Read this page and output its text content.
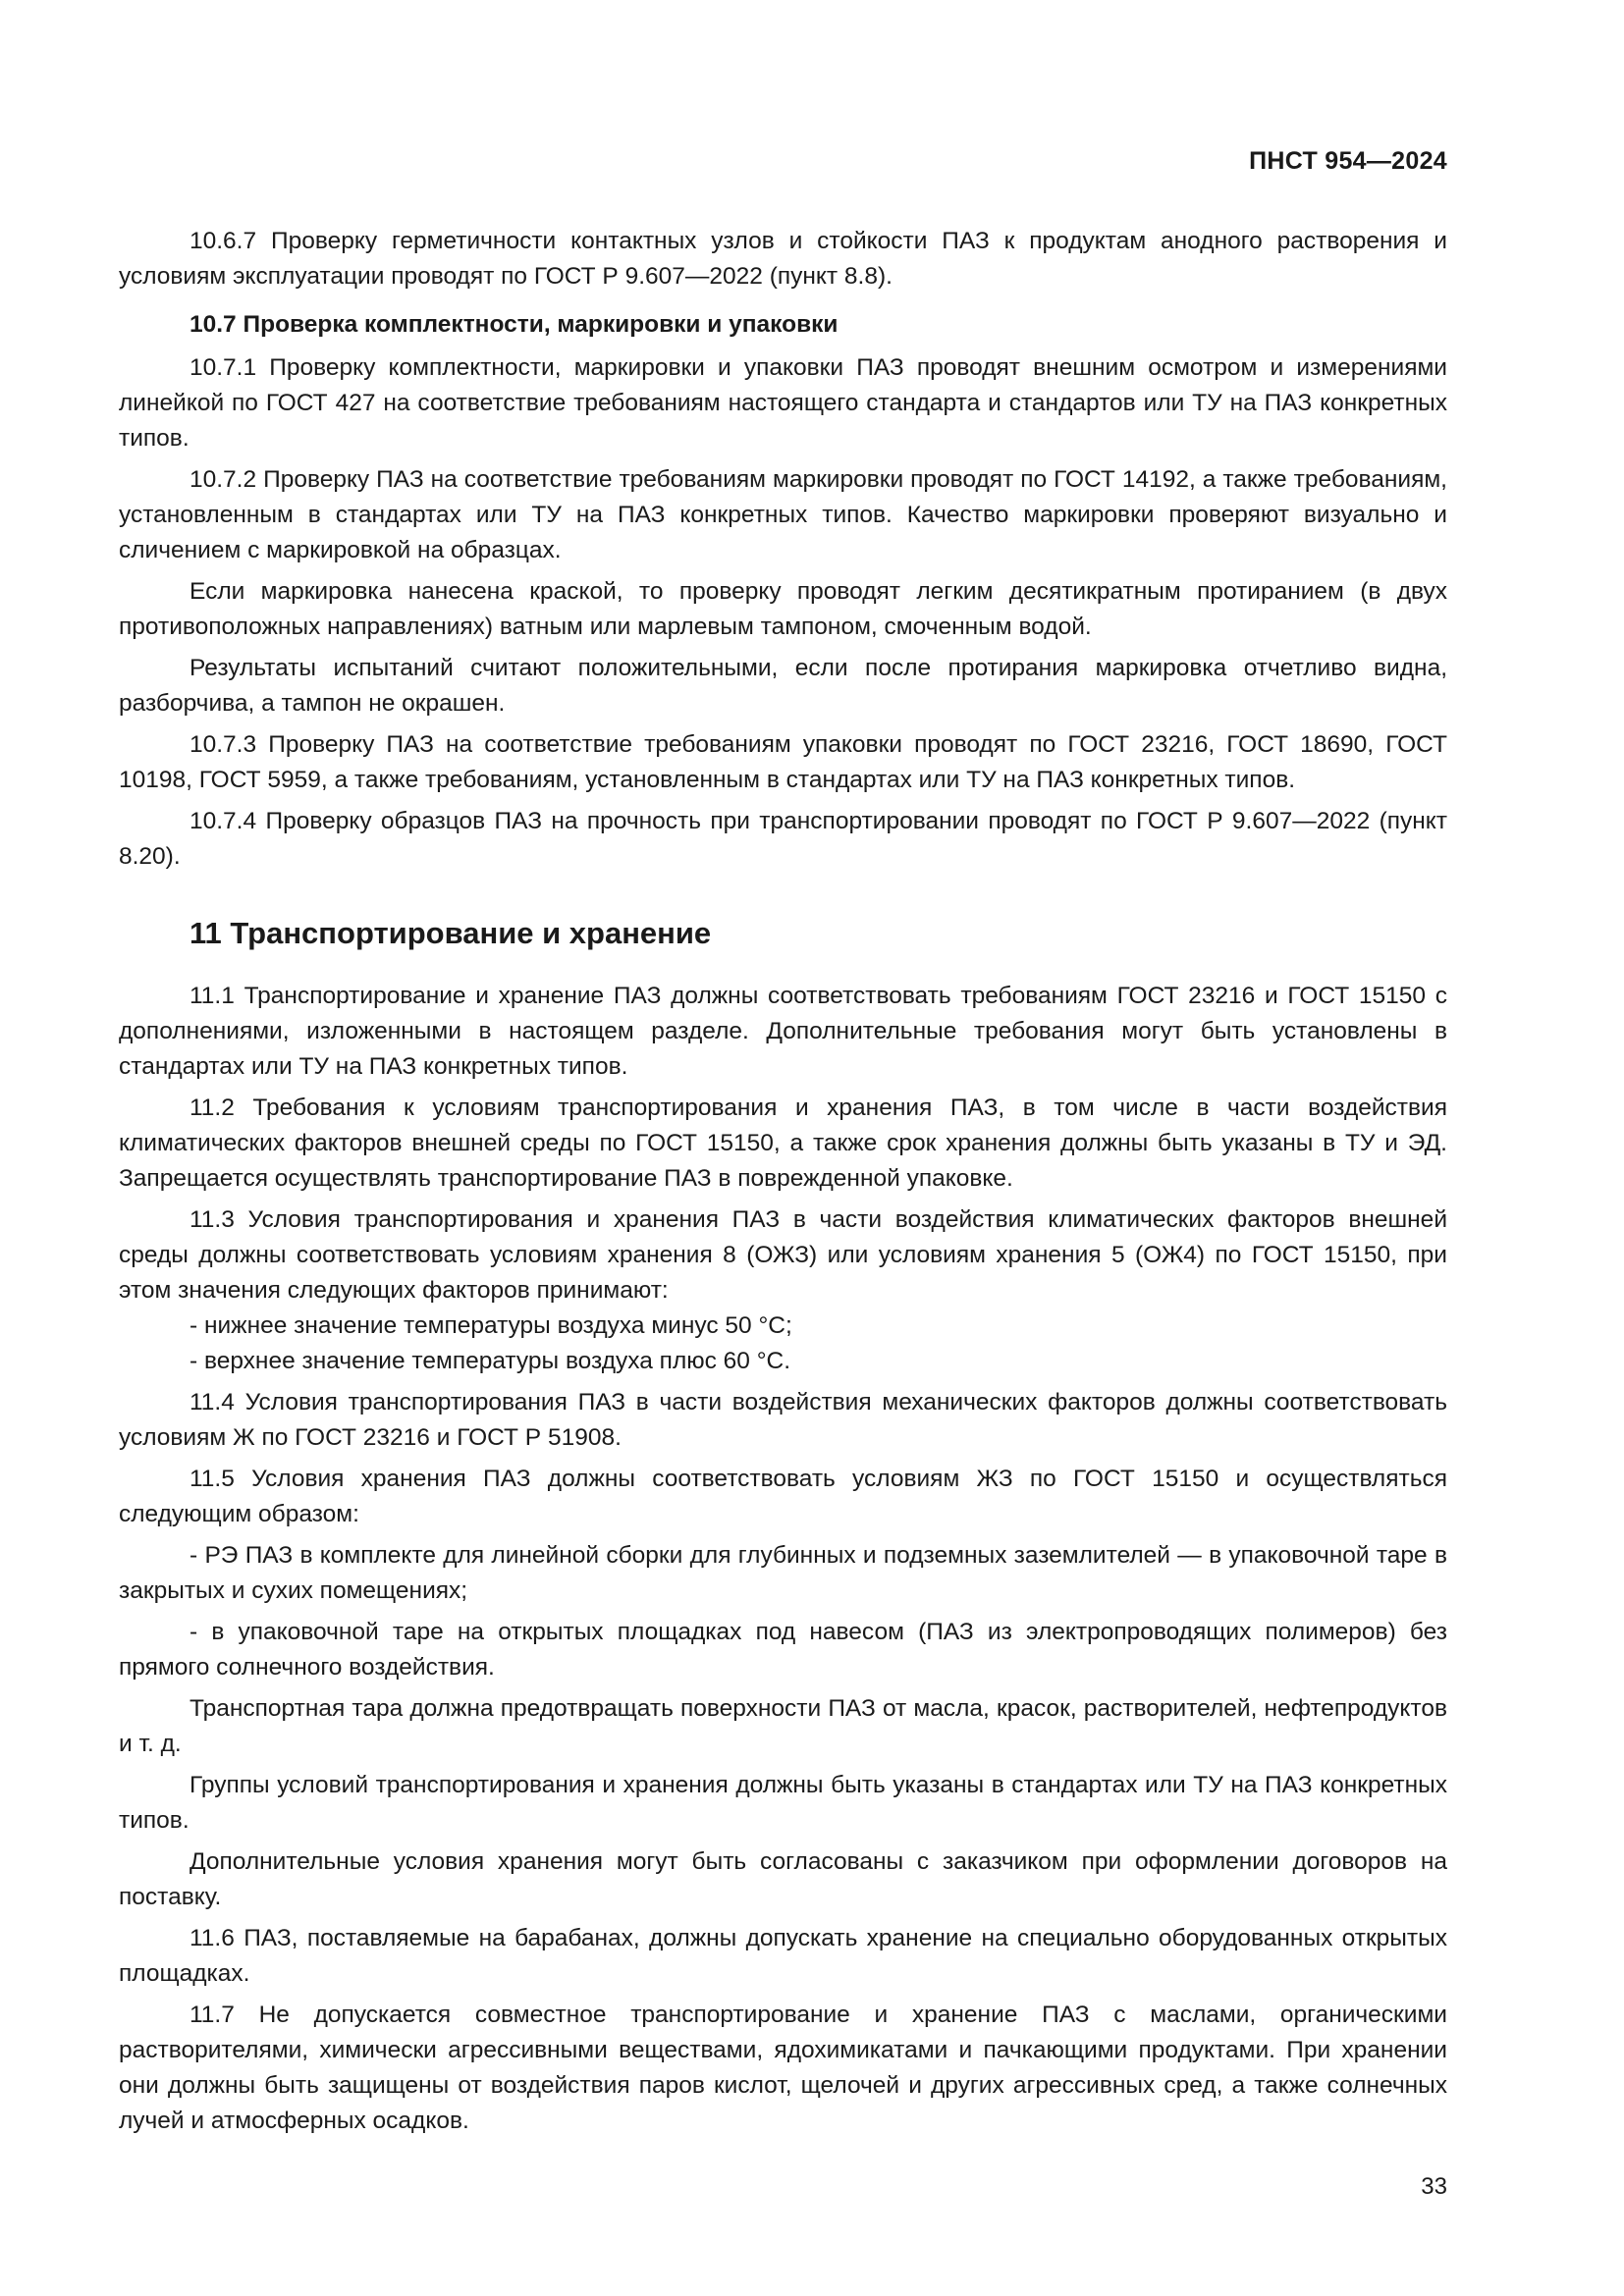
ПНСТ 954—2024

10.6.7 Проверку герметичности контактных узлов и стойкости ПАЗ к продуктам анодного растворения и условиям эксплуатации проводят по ГОСТ Р 9.607—2022 (пункт 8.8).

10.7 Проверка комплектности, маркировки и упаковки

10.7.1 Проверку комплектности, маркировки и упаковки ПАЗ проводят внешним осмотром и измерениями линейкой по ГОСТ 427 на соответствие требованиям настоящего стандарта и стандартов или ТУ на ПАЗ конкретных типов.

10.7.2 Проверку ПАЗ на соответствие требованиям маркировки проводят по ГОСТ 14192, а также требованиям, установленным в стандартах или ТУ на ПАЗ конкретных типов. Качество маркировки проверяют визуально и сличением с маркировкой на образцах.

Если маркировка нанесена краской, то проверку проводят легким десятикратным протиранием (в двух противоположных направлениях) ватным или марлевым тампоном, смоченным водой.

Результаты испытаний считают положительными, если после протирания маркировка отчетливо видна, разборчива, а тампон не окрашен.

10.7.3 Проверку ПАЗ на соответствие требованиям упаковки проводят по ГОСТ 23216, ГОСТ 18690, ГОСТ 10198, ГОСТ 5959, а также требованиям, установленным в стандартах или ТУ на ПАЗ конкретных типов.

10.7.4 Проверку образцов ПАЗ на прочность при транспортировании проводят по ГОСТ Р 9.607—2022 (пункт 8.20).

11 Транспортирование и хранение

11.1 Транспортирование и хранение ПАЗ должны соответствовать требованиям ГОСТ 23216 и ГОСТ 15150 с дополнениями, изложенными в настоящем разделе. Дополнительные требования могут быть установлены в стандартах или ТУ на ПАЗ конкретных типов.

11.2 Требования к условиям транспортирования и хранения ПАЗ, в том числе в части воздействия климатических факторов внешней среды по ГОСТ 15150, а также срок хранения должны быть указаны в ТУ и ЭД. Запрещается осуществлять транспортирование ПАЗ в поврежденной упаковке.

11.3 Условия транспортирования и хранения ПАЗ в части воздействия климатических факторов внешней среды должны соответствовать условиям хранения 8 (ОЖЗ) или условиям хранения 5 (ОЖ4) по ГОСТ 15150, при этом значения следующих факторов принимают:

- нижнее значение температуры воздуха минус 50 °С;

- верхнее значение температуры воздуха плюс 60 °С.

11.4 Условия транспортирования ПАЗ в части воздействия механических факторов должны соответствовать условиям Ж по ГОСТ 23216 и ГОСТ Р 51908.

11.5 Условия хранения ПАЗ должны соответствовать условиям ЖЗ по ГОСТ 15150 и осуществляться следующим образом:

- РЭ ПАЗ в комплекте для линейной сборки для глубинных и подземных заземлителей — в упаковочной таре в закрытых и сухих помещениях;

- в упаковочной таре на открытых площадках под навесом (ПАЗ из электропроводящих полимеров) без прямого солнечного воздействия.

Транспортная тара должна предотвращать поверхности ПАЗ от масла, красок, растворителей, нефтепродуктов и т. д.

Группы условий транспортирования и хранения должны быть указаны в стандартах или ТУ на ПАЗ конкретных типов.

Дополнительные условия хранения могут быть согласованы с заказчиком при оформлении договоров на поставку.

11.6 ПАЗ, поставляемые на барабанах, должны допускать хранение на специально оборудованных открытых площадках.

11.7 Не допускается совместное транспортирование и хранение ПАЗ с маслами, органическими растворителями, химически агрессивными веществами, ядохимикатами и пачкающими продуктами. При хранении они должны быть защищены от воздействия паров кислот, щелочей и других агрессивных сред, а также солнечных лучей и атмосферных осадков.

33
